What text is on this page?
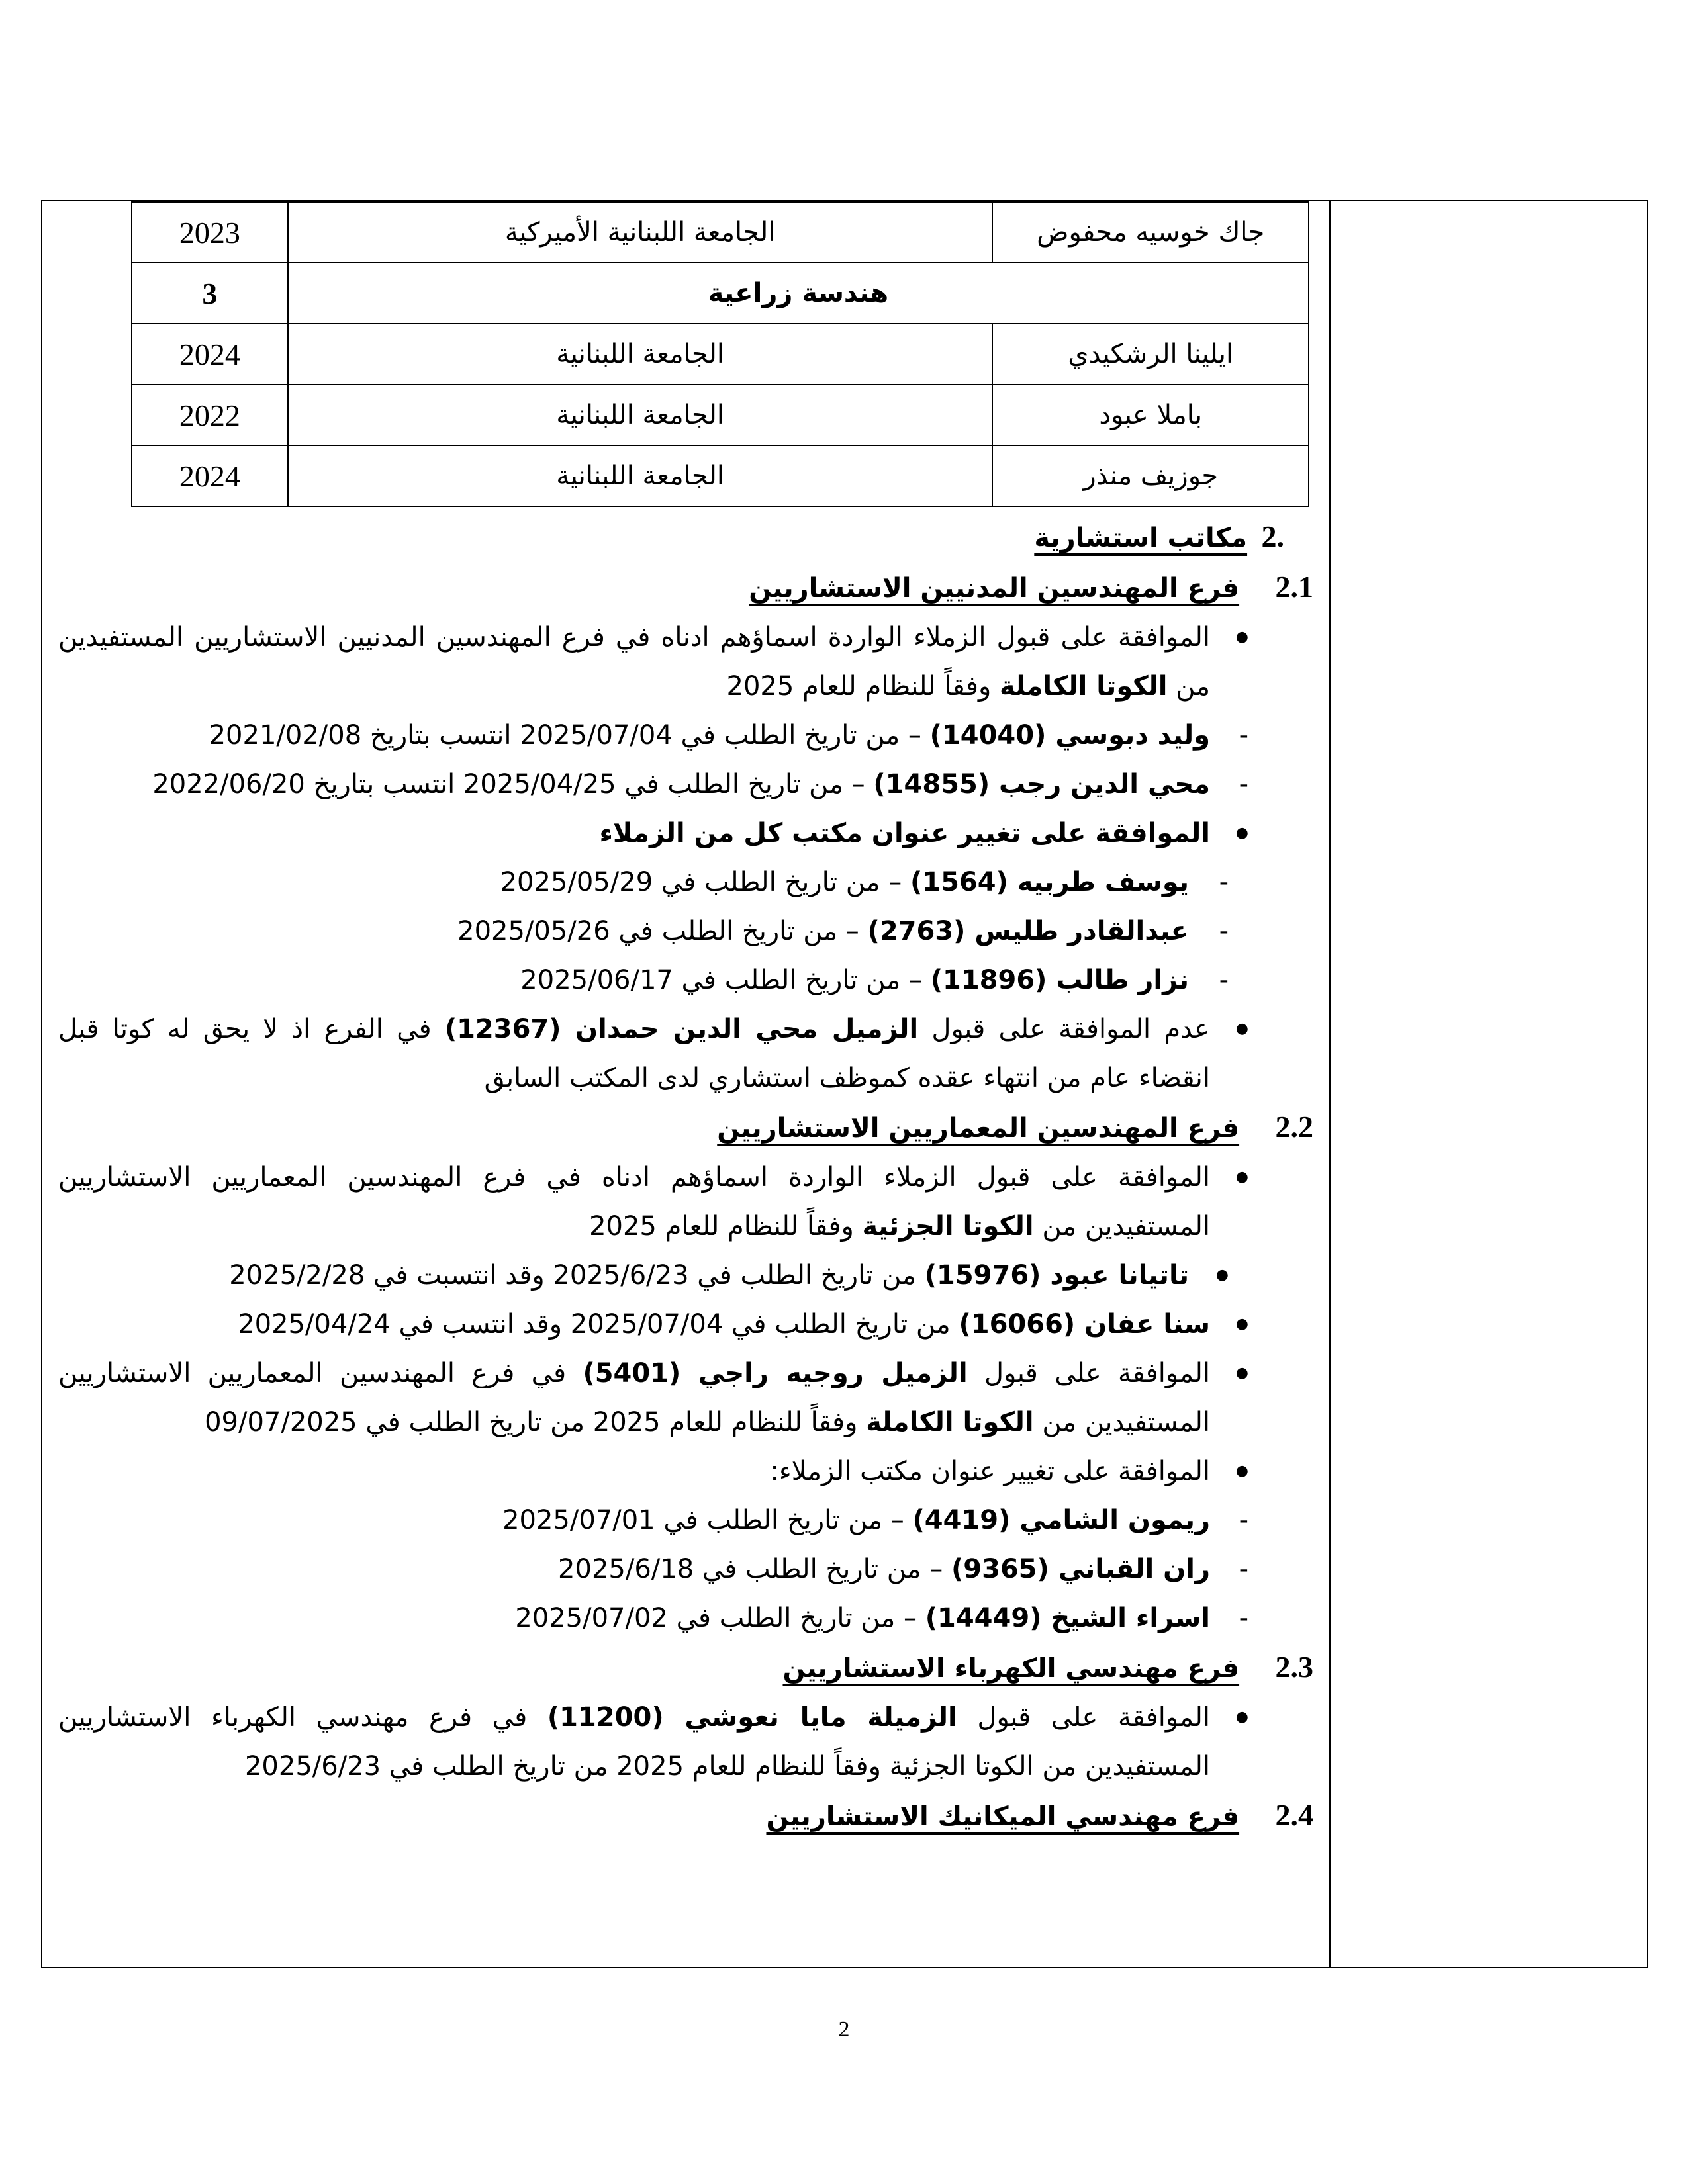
جاك خوسيه محفوض	الجامعة اللبنانية الأميركية	2023
هندسة زراعية		3
ايلينا الرشكيدي	الجامعة اللبنانية	2024
باملا عبود	الجامعة اللبنانية	2022
جوزيف منذر	الجامعة اللبنانية	2024
.2 مكاتب استشارية
2.1 فرع المهندسين المدنيين الاستشاريين
●
الموافقة على قبول الزملاء الواردة اسماؤهم ادناه في فرع المهندسين المدنيين الاستشاريين المستفيدين من الكوتا الكاملة وفقاً للنظام للعام 2025
-
وليد دبوسي (14040) – من تاريخ الطلب في 2025/07/04 انتسب بتاريخ 2021/02/08
-
محي الدين رجب (14855) – من تاريخ الطلب في 2025/04/25 انتسب بتاريخ 2022/06/20
●
الموافقة على تغيير عنوان مكتب كل من الزملاء
-
يوسف طربيه (1564) – من تاريخ الطلب في 2025/05/29
-
عبدالقادر طليس (2763) – من تاريخ الطلب في 2025/05/26
-
نزار طالب (11896) – من تاريخ الطلب في 2025/06/17
●
عدم الموافقة على قبول الزميل محي الدين حمدان (12367) في الفرع اذ لا يحق له كوتا قبل انقضاء عام من انتهاء عقده كموظف استشاري لدى المكتب السابق
2.2 فرع المهندسين المعماريين الاستشاريين
●
الموافقة على قبول الزملاء الواردة اسماؤهم ادناه في فرع المهندسين المعماريين الاستشاريين المستفيدين من الكوتا الجزئية وفقاً للنظام للعام 2025
●
تاتيانا عبود (15976) من تاريخ الطلب في 2025/6/23 وقد انتسبت في 2025/2/28
●
سنا عفان (16066) من تاريخ الطلب في 2025/07/04 وقد انتسب في 2025/04/24
●
الموافقة على قبول الزميل روجيه راجي (5401) في فرع المهندسين المعماريين الاستشاريين المستفيدين من الكوتا الكاملة وفقاً للنظام للعام 2025 من تاريخ الطلب في 09/07/2025
●
الموافقة على تغيير عنوان مكتب الزملاء:
-
ريمون الشامي (4419) – من تاريخ الطلب في 2025/07/01
-
ران القباني (9365) – من تاريخ الطلب في 2025/6/18
-
اسراء الشيخ (14449) – من تاريخ الطلب في 2025/07/02
2.3 فرع مهندسي الكهرباء الاستشاريين
●
الموافقة على قبول الزميلة مايا نعوشي (11200) في فرع مهندسي الكهرباء الاستشاريين المستفيدين من الكوتا الجزئية وفقاً للنظام للعام 2025 من تاريخ الطلب في 2025/6/23
2.4 فرع مهندسي الميكانيك الاستشاريين
2
